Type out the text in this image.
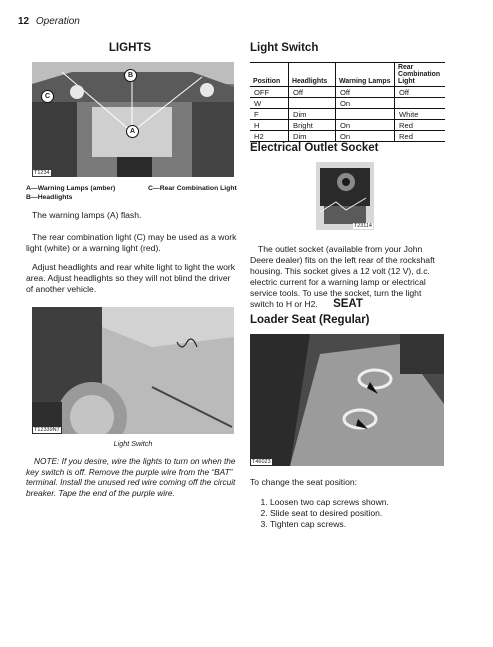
12 Operation
LIGHTS
B
C
A
T1234
A—Warning Lamps (amber)	C—Rear Combination Light
B—Headlights
The warning lamps (A) flash.
The rear combination light (C) may be used as a work light (white) or a warning light (red).
Adjust headlights and rear white light to light the work area. Adjust headlights so they will not blind the driver of another vehicle.
T12339N7
Light Switch
NOTE: If you desire, wire the lights to turn on when the key switch is off. Remove the purple wire from the “BAT” terminal. Install the unused red wire coming off the circuit breaker. Tape the end of the purple wire.
Light Switch
Position	Headlights	Warning Lamps	Rear Combination Light
OFF	Off	Off	Off
W		On	
F	Dim		White
H	Bright	On	Red
H2	Dim	On	Red
Electrical Outlet Socket
T23114
The outlet socket (available from your John Deere dealer) fits on the left rear of the rockshaft housing. This socket gives a 12 volt (12 V), d.c. electric current for a warning lamp or electrical service tools. To use the socket, turn the light switch to H or H2.	SEAT
Loader Seat (Regular)
T46023
To change the seat position:
1. Loosen two cap screws shown.
2. Slide seat to desired position.
3. Tighten cap screws.
